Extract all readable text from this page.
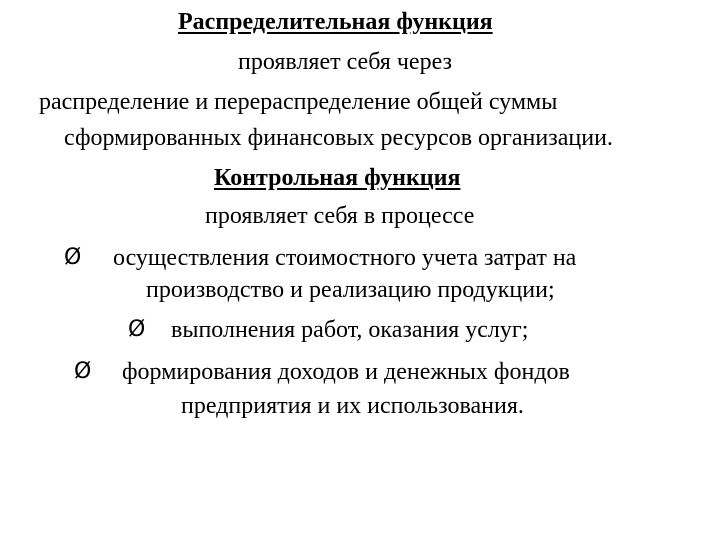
Распределительная функция
проявляет себя через
распределение и перераспределение общей суммы
сформированных финансовых ресурсов организации.
Контрольная функция
проявляет себя в процессе
Ø осуществления стоимостного учета затрат на
производство и реализацию продукции;
Ø выполнения работ, оказания услуг;
Ø формирования доходов и денежных фондов
предприятия и их использования.
